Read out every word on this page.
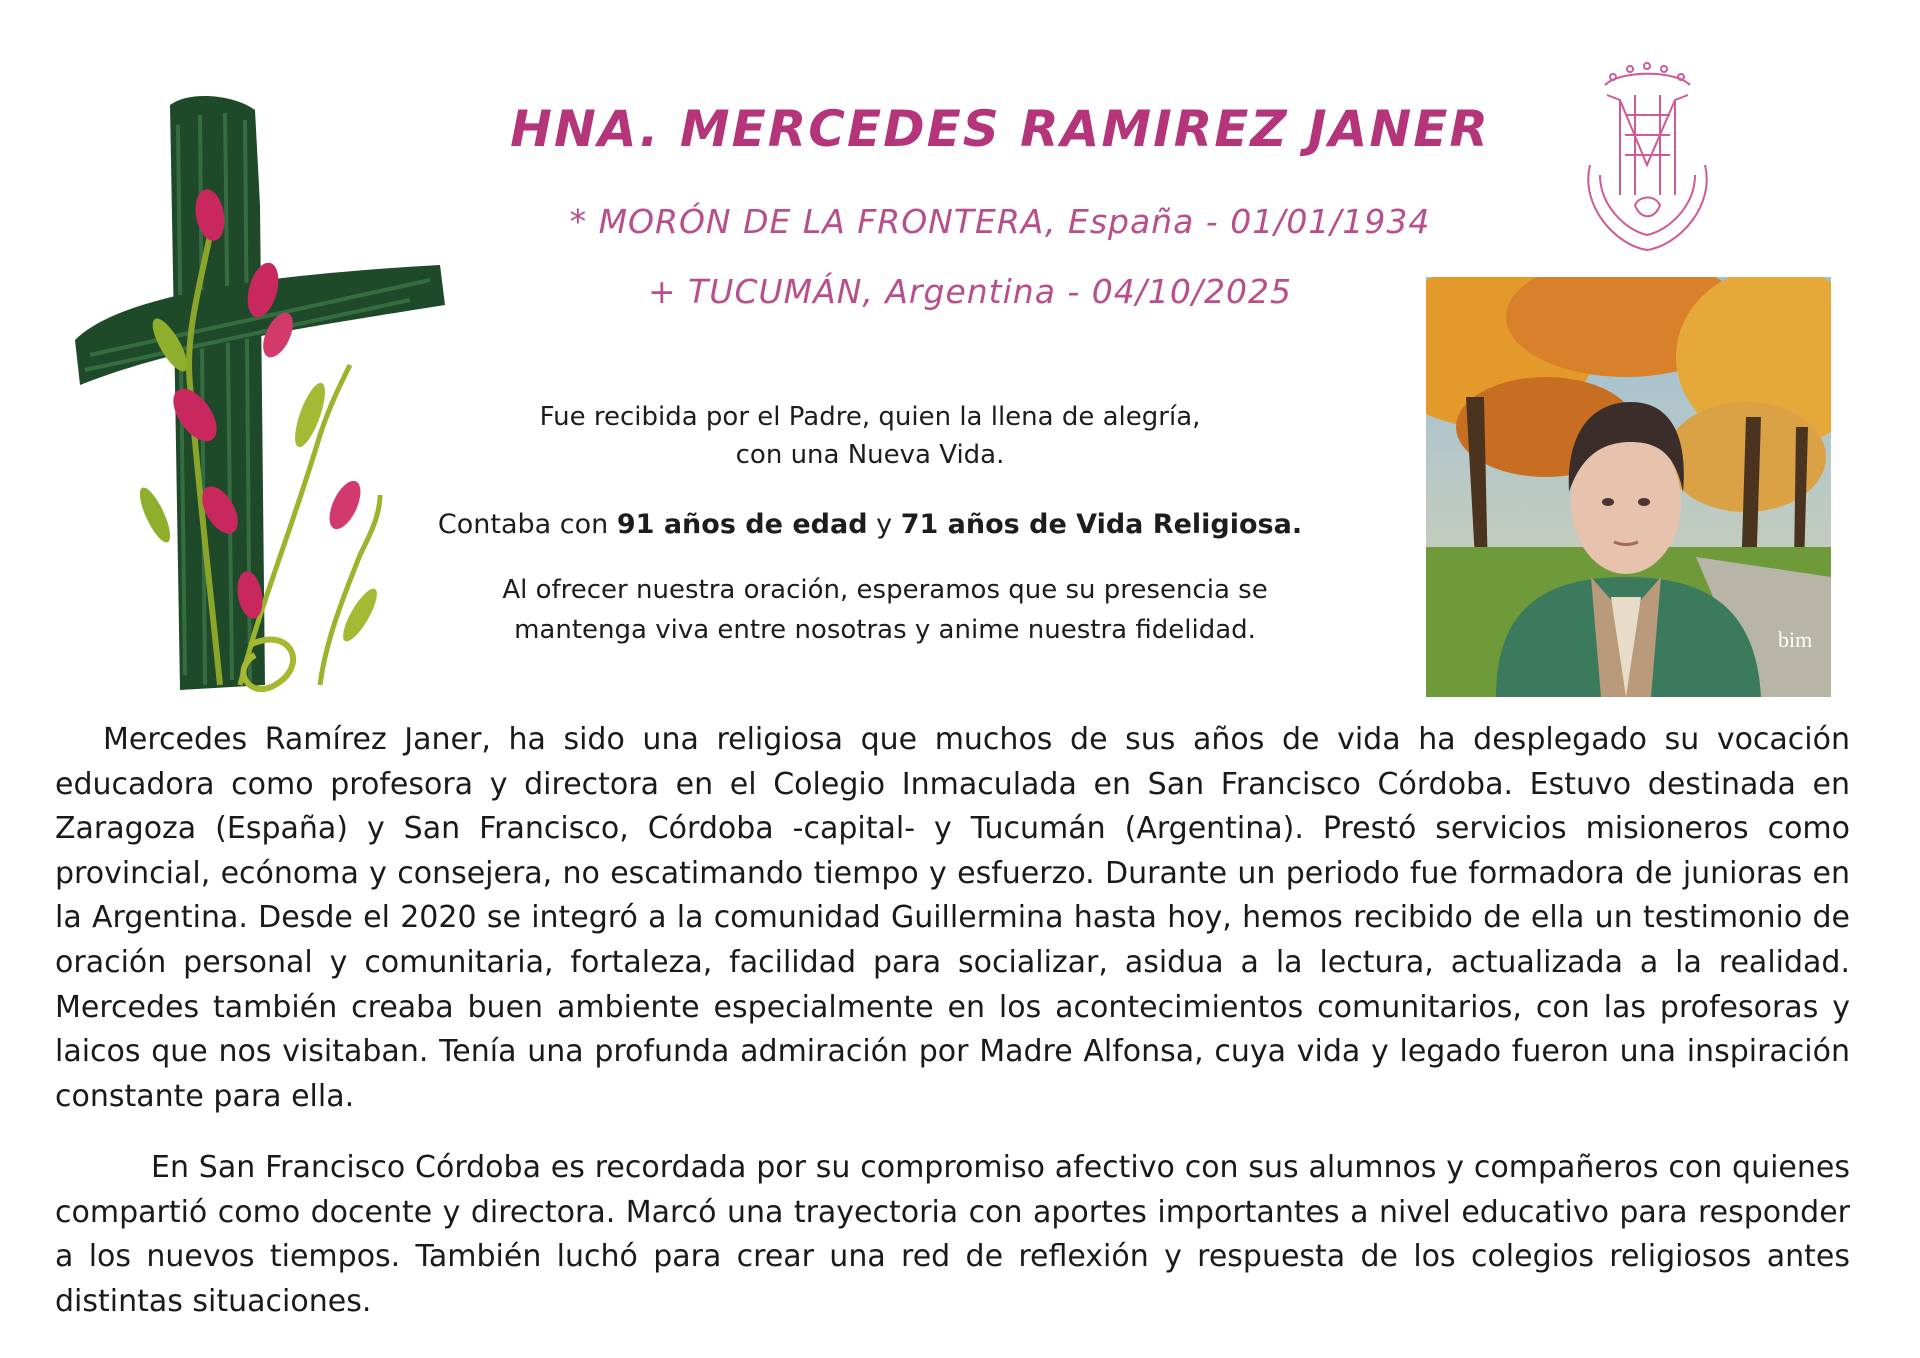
HNA. MERCEDES RAMIREZ JANER
* MORÓN DE LA FRONTERA, España - 01/01/1934
+ TUCUMÁN, Argentina - 04/10/2025
Fue recibida por el Padre, quien la llena de alegría,
con una Nueva Vida.
Contaba con 91 años de edad y 71 años de Vida Religiosa.
Al ofrecer nuestra oración, esperamos que su presencia se
mantenga viva entre nosotras y anime nuestra fidelidad.	bim
Mercedes Ramírez Janer, ha sido una religiosa que muchos de sus años de vida ha desplegado su vocación educadora como profesora y directora en el Colegio Inmaculada en San Francisco Córdoba. Estuvo destinada en Zaragoza (España) y San Francisco, Córdoba -capital- y Tucumán (Argentina). Prestó servicios misioneros como provincial, ecónoma y consejera, no escatimando tiempo y esfuerzo. Durante un periodo fue formadora de junioras en la Argentina. Desde el 2020 se integró a la comunidad Guillermina hasta hoy, hemos recibido de ella un testimonio de oración personal y comunitaria, fortaleza, facilidad para socializar, asidua a la lectura, actualizada a la realidad. Mercedes también creaba buen ambiente especialmente en los acontecimientos comunitarios, con las profesoras y laicos que nos visitaban. Tenía una profunda admiración por Madre Alfonsa, cuya vida y legado fueron una inspiración constante para ella.
En San Francisco Córdoba es recordada por su compromiso afectivo con sus alumnos y compañeros con quienes compartió como docente y directora. Marcó una trayectoria con aportes importantes a nivel educativo para responder a los nuevos tiempos. También luchó para crear una red de reflexión y respuesta de los colegios religiosos antes distintas situaciones.
